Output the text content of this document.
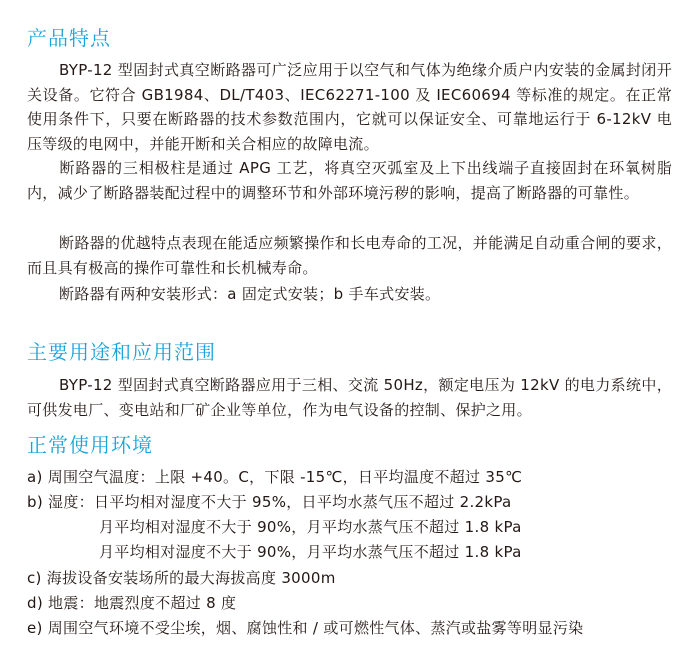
产品特点

BYP-12 型固封式真空断路器可广泛应用于以空气和气体为绝缘介质户内安装的金属封闭开关设备。它符合 GB1984、DL/T403、IEC62271-100 及 IEC60694 等标准的规定。在正常使用条件下，只要在断路器的技术参数范围内，它就可以保证安全、可靠地运行于 6-12kV 电压等级的电网中，并能开断和关合相应的故障电流。

断路器的三相极柱是通过 APG 工艺，将真空灭弧室及上下出线端子直接固封在环氧树脂内，减少了断路器装配过程中的调整环节和外部环境污秽的影响，提高了断路器的可靠性。

断路器的优越特点表现在能适应频繁操作和长电寿命的工况，并能满足自动重合闸的要求，而且具有极高的操作可靠性和长机械寿命。

断路器有两种安装形式：a 固定式安装；b 手车式安装。

主要用途和应用范围

BYP-12 型固封式真空断路器应用于三相、交流 50Hz，额定电压为 12kV 的电力系统中，可供发电厂、变电站和厂矿企业等单位，作为电气设备的控制、保护之用。

正常使用环境

a) 周围空气温度：上限 +40。C，下限 -15℃，日平均温度不超过 35℃

b) 湿度：日平均相对湿度不大于 95%，日平均水蒸气压不超过 2.2kPa

月平均相对湿度不大于 90%，月平均水蒸气压不超过 1.8 kPa

月平均相对湿度不大于 90%，月平均水蒸气压不超过 1.8 kPa

c) 海拔设备安装场所的最大海拔高度 3000m

d) 地震：地震烈度不超过 8 度

e) 周围空气环境不受尘埃，烟、腐蚀性和 / 或可燃性气体、蒸汽或盐雾等明显污染
